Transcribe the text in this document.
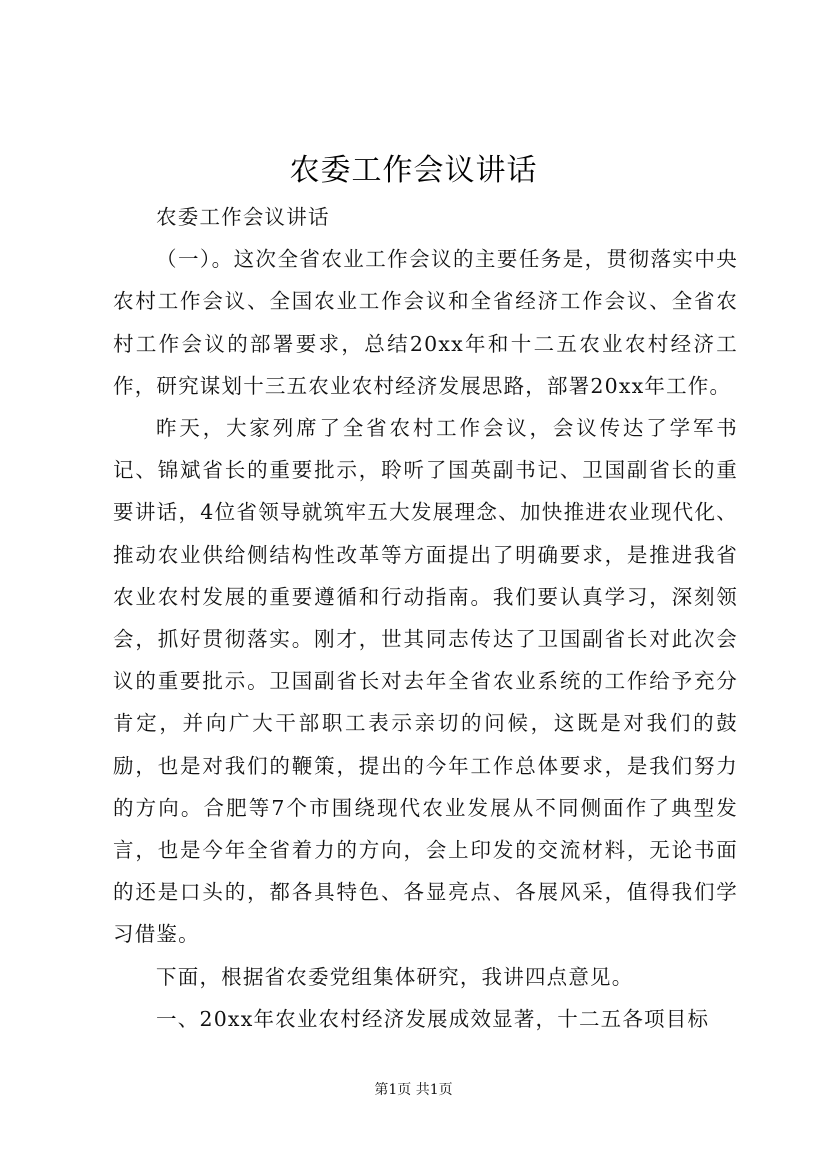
农委工作会议讲话

农委工作会议讲话

（一）。这次全省农业工作会议的主要任务是，贯彻落实中央农村工作会议、全国农业工作会议和全省经济工作会议、全省农村工作会议的部署要求，总结20xx年和十二五农业农村经济工作，研究谋划十三五农业农村经济发展思路，部署20xx年工作。

昨天，大家列席了全省农村工作会议，会议传达了学军书记、锦斌省长的重要批示，聆听了国英副书记、卫国副省长的重要讲话，4位省领导就筑牢五大发展理念、加快推进农业现代化、推动农业供给侧结构性改革等方面提出了明确要求，是推进我省农业农村发展的重要遵循和行动指南。我们要认真学习，深刻领会，抓好贯彻落实。刚才，世其同志传达了卫国副省长对此次会议的重要批示。卫国副省长对去年全省农业系统的工作给予充分肯定，并向广大干部职工表示亲切的问候，这既是对我们的鼓励，也是对我们的鞭策，提出的今年工作总体要求，是我们努力的方向。合肥等7个市围绕现代农业发展从不同侧面作了典型发言，也是今年全省着力的方向，会上印发的交流材料，无论书面的还是口头的，都各具特色、各显亮点、各展风采，值得我们学习借鉴。

下面，根据省农委党组集体研究，我讲四点意见。

一、20xx年农业农村经济发展成效显著，十二五各项目标

第1页 共1页
